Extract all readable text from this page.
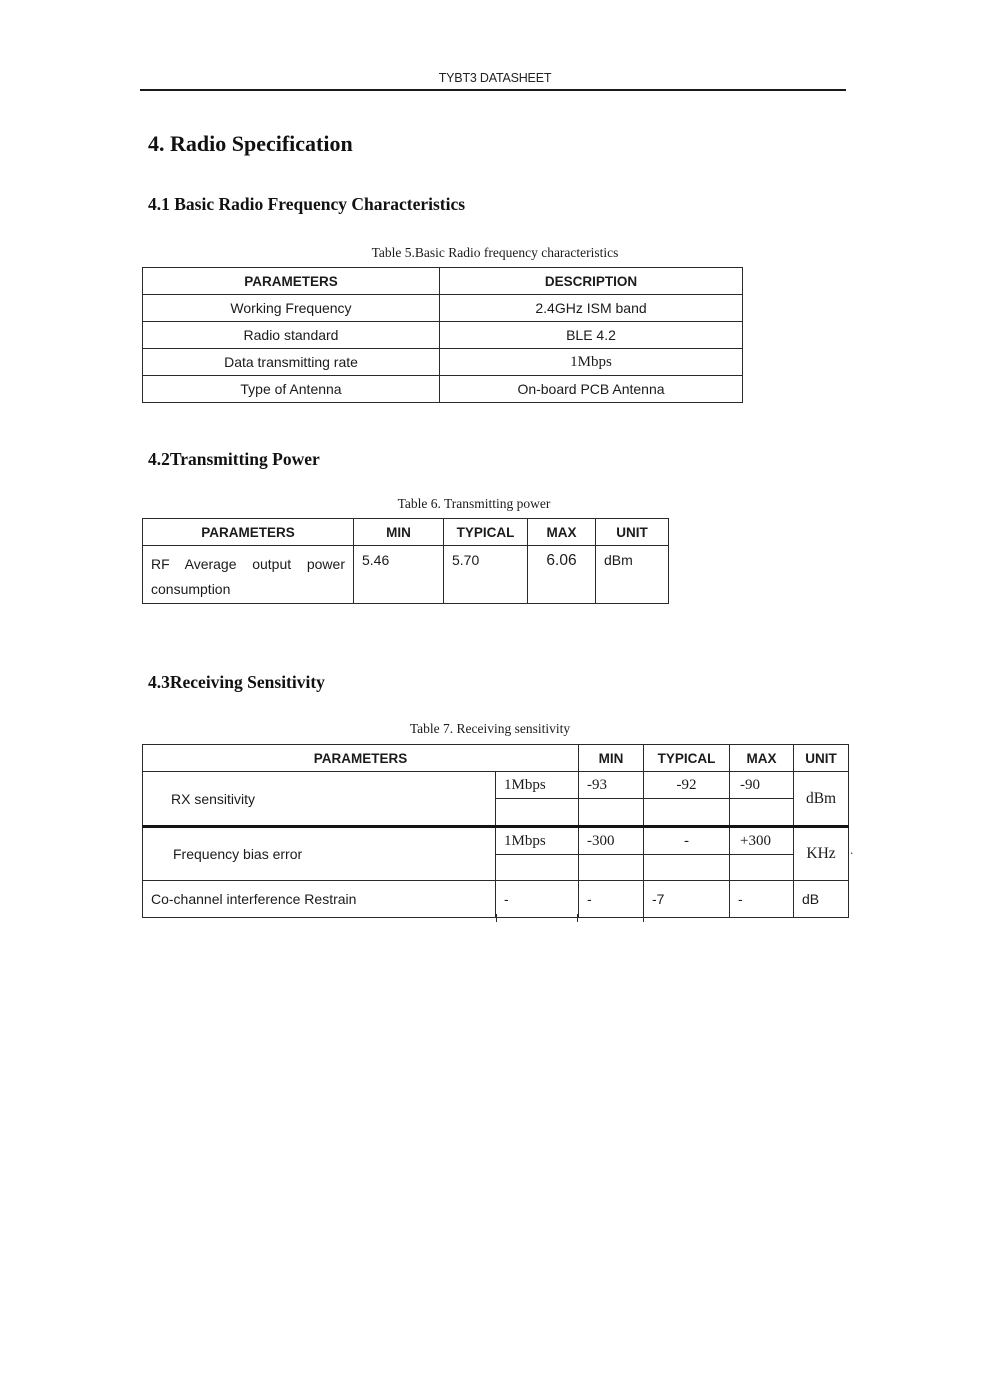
TYBT3 DATASHEET
4. Radio Specification
4.1 Basic Radio Frequency Characteristics
Table 5.Basic Radio frequency characteristics
PARAMETERS	DESCRIPTION
Working Frequency	2.4GHz ISM band
Radio standard	BLE 4.2
Data transmitting rate	1Mbps
Type of Antenna	On-board PCB Antenna
4.2Transmitting Power
Table 6. Transmitting power
PARAMETERS	MIN	TYPICAL	MAX	UNIT

RF Average output power
consumption	5.46	5.70	6.06	dBm
4.3Receiving Sensitivity
Table 7. Receiving sensitivity
PARAMETERS		MIN	TYPICAL	MAX	UNIT
RX sensitivity	1Mbps	-93	-92	-90	dBm

Frequency bias error	1Mbps	-300	-	+300	KHz

Co-channel interference Restrain	-	-	-7	-	dB
.
